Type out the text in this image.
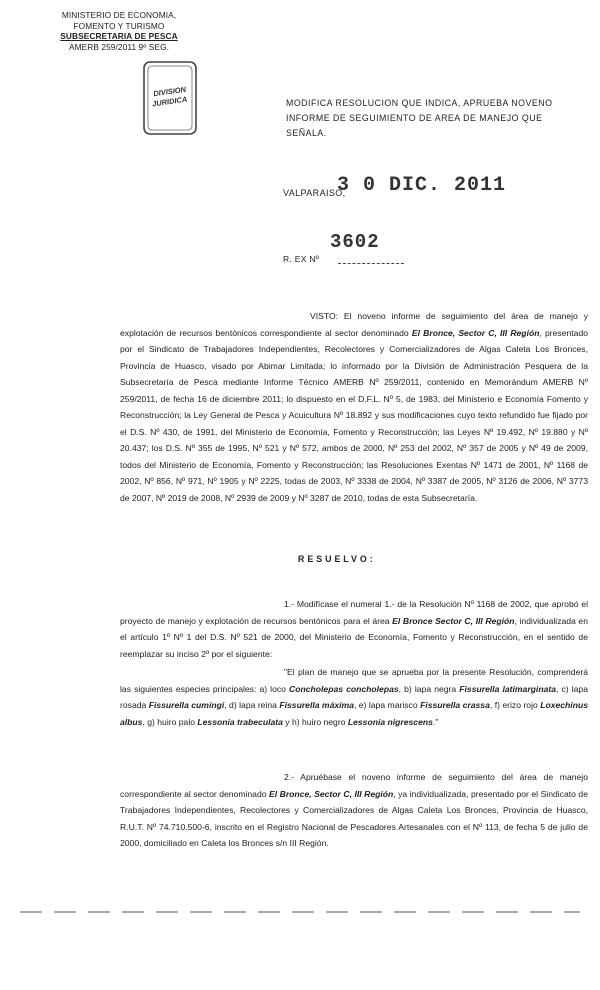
MINISTERIO DE ECONOMIA,
FOMENTO Y TURISMO
SUBSECRETARIA DE PESCA
AMERB 259/2011 9º SEG.
DIVISION
JURIDICA	MODIFICA RESOLUCION QUE INDICA, APRUEBA NOVENO INFORME DE SEGUIMIENTO DE AREA DE MANEJO QUE SEÑALA.
VALPARAISO,
3 0 DIC. 2011
3602
R. EX Nº
VISTO: El noveno informe de seguimiento del área de manejo y explotación de recursos bentónicos correspondiente al sector denominado El Bronce, Sector C, III Región, presentado por el Sindicato de Trabajadores Independientes, Recolectores y Comercializadores de Algas Caleta Los Bronces, Provincia de Huasco, visado por Abimar Limitada; lo informado por la División de Administración Pesquera de la Subsecretaría de Pesca mediante Informe Técnico AMERB Nº 259/2011, contenido en Memorándum AMERB Nº 259/2011, de fecha 16 de diciembre 2011; lo dispuesto en el D.F.L. Nº 5, de 1983, del Ministerio e Economía Fomento y Reconstrucción; la Ley General de Pesca y Acuicultura Nº 18.892 y sus modificaciones cuyo texto refundido fue fijado por el D.S. Nº 430, de 1991, del Ministerio de Economía, Fomento y Reconstrucción; las Leyes Nº 19.492, Nº 19.880 y Nº 20.437; los D.S. Nº 355 de 1995, Nº 521 y Nº 572, ambos de 2000, Nº 253 del 2002, Nº 357 de 2005 y Nº 49 de 2009, todos del Ministerio de Economía, Fomento y Reconstrucción; las Resoluciones Exentas Nº 1471 de 2001, Nº 1168 de 2002, Nº 856, Nº 971, Nº 1905 y Nº 2225, todas de 2003, Nº 3338 de 2004, Nº 3387 de 2005, Nº 3126 de 2006, Nº 3773 de 2007, Nº 2019 de 2008, Nº 2939 de 2009 y Nº 3287 de 2010, todas de esta Subsecretaría.
RESUELVO:
1.- Modifícase el numeral 1.- de la Resolución Nº 1168 de 2002, que aprobó el proyecto de manejo y explotación de recursos bentónicos para el área El Bronce Sector C, III Región, individualizada en el artículo 1º Nº 1 del D.S. Nº 521 de 2000, del Ministerio de Economía, Fomento y Reconstrucción, en el sentido de reemplazar su inciso 2º por el siguiente:
"El plan de manejo que se aprueba por la presente Resolución, comprenderá las siguientes especies principales: a) loco Concholepas concholepas, b) lapa negra Fissurella latimarginata, c) lapa rosada Fissurella cumingi, d) lapa reina Fissurella máxima, e) lapa marisco Fissurella crassa, f) erizo rojo Loxechinus albus, g) huiro palo Lessonia trabeculata y h) huiro negro Lessonia nigrescens."
2.- Apruébase el noveno informe de seguimiento del área de manejo correspondiente al sector denominado El Bronce, Sector C, III Región, ya individualizada, presentado por el Sindicato de Trabajadores Independientes, Recolectores y Comercializadores de Algas Caleta Los Bronces, Provincia de Huasco, R.U.T. Nº 74.710.500-6, inscrito en el Registro Nacional de Pescadores Artesanales con el Nº 113, de fecha 5 de julio de 2000, domiciliado en Caleta los Bronces s/n III Región.
